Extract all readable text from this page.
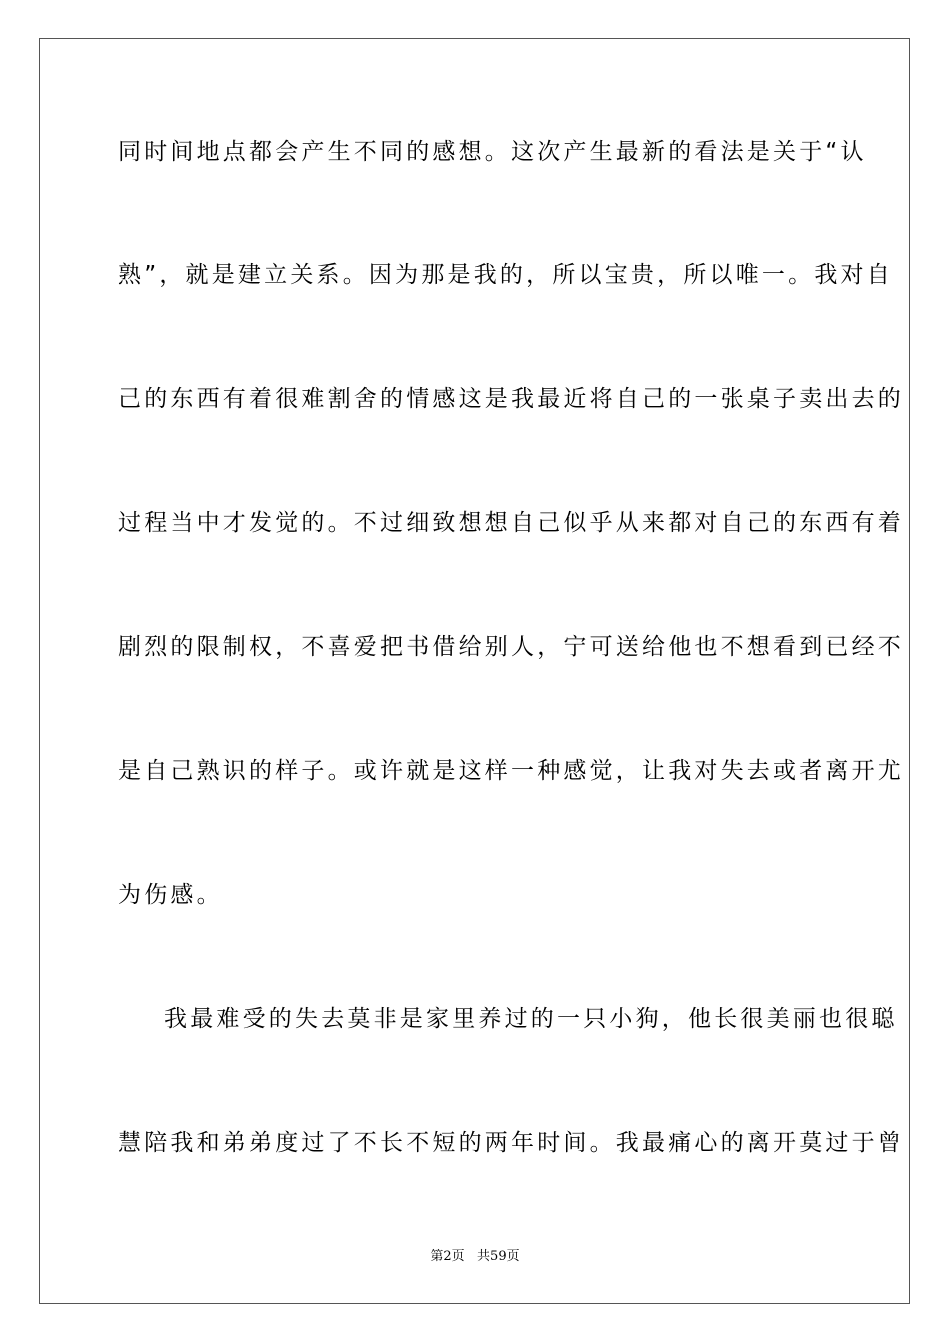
同时间地点都会产生不同的感想。这次产生最新的看法是关于“认
熟”，就是建立关系。因为那是我的，所以宝贵，所以唯一。我对自
己的东西有着很难割舍的情感这是我最近将自己的一张桌子卖出去的
过程当中才发觉的。不过细致想想自己似乎从来都对自己的东西有着
剧烈的限制权，不喜爱把书借给别人，宁可送给他也不想看到已经不
是自己熟识的样子。或许就是这样一种感觉，让我对失去或者离开尤
为伤感。
我最难受的失去莫非是家里养过的一只小狗，他长很美丽也很聪
慧陪我和弟弟度过了不长不短的两年时间。我最痛心的离开莫过于曾
第2页   共59页
